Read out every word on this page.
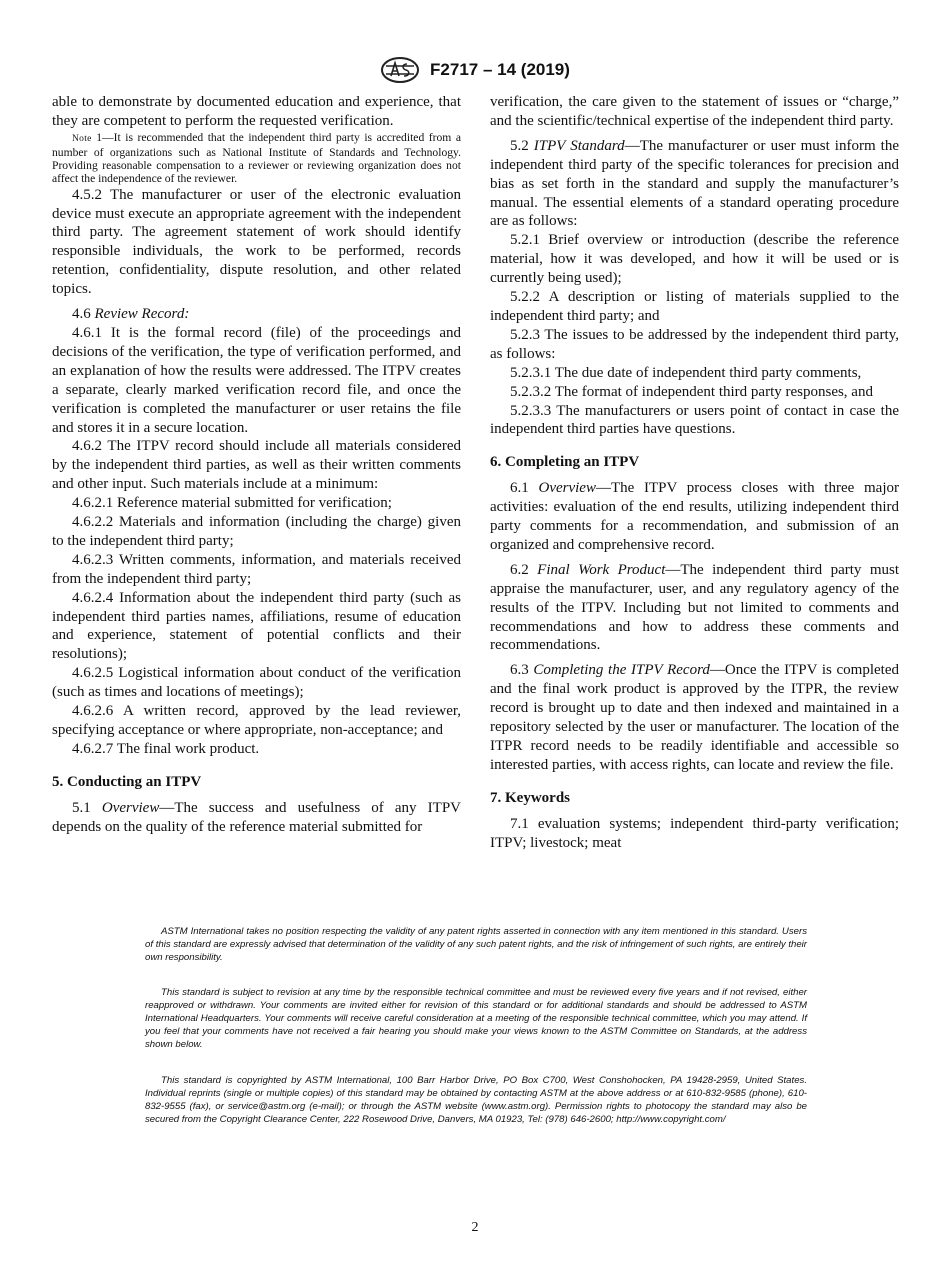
F2717 – 14 (2019)

able to demonstrate by documented education and experience, that they are competent to perform the requested verification.

Note 1—It is recommended that the independent third party is accredited from a number of organizations such as National Institute of Standards and Technology. Providing reasonable compensation to a reviewer or reviewing organization does not affect the independence of the reviewer.

4.5.2 The manufacturer or user of the electronic evaluation device must execute an appropriate agreement with the independent third party. The agreement statement of work should identify responsible individuals, the work to be performed, records retention, confidentiality, dispute resolution, and other related topics.

4.6 Review Record:

4.6.1 It is the formal record (file) of the proceedings and decisions of the verification, the type of verification performed, and an explanation of how the results were addressed. The ITPV creates a separate, clearly marked verification record file, and once the verification is completed the manufacturer or user retains the file and stores it in a secure location.

4.6.2 The ITPV record should include all materials considered by the independent third parties, as well as their written comments and other input. Such materials include at a minimum:

4.6.2.1 Reference material submitted for verification;

4.6.2.2 Materials and information (including the charge) given to the independent third party;

4.6.2.3 Written comments, information, and materials received from the independent third party;

4.6.2.4 Information about the independent third party (such as independent third parties names, affiliations, resume of education and experience, statement of potential conflicts and their resolutions);

4.6.2.5 Logistical information about conduct of the verification (such as times and locations of meetings);

4.6.2.6 A written record, approved by the lead reviewer, specifying acceptance or where appropriate, non-acceptance; and

4.6.2.7 The final work product.

5. Conducting an ITPV

5.1 Overview—The success and usefulness of any ITPV depends on the quality of the reference material submitted for

verification, the care given to the statement of issues or “charge,” and the scientific/technical expertise of the independent third party.

5.2 ITPV Standard—The manufacturer or user must inform the independent third party of the specific tolerances for precision and bias as set forth in the standard and supply the manufacturer’s manual. The essential elements of a standard operating procedure are as follows:

5.2.1 Brief overview or introduction (describe the reference material, how it was developed, and how it will be used or is currently being used);

5.2.2 A description or listing of materials supplied to the independent third party; and

5.2.3 The issues to be addressed by the independent third party, as follows:

5.2.3.1 The due date of independent third party comments,

5.2.3.2 The format of independent third party responses, and

5.2.3.3 The manufacturers or users point of contact in case the independent third parties have questions.

6. Completing an ITPV

6.1 Overview—The ITPV process closes with three major activities: evaluation of the end results, utilizing independent third party comments for a recommendation, and submission of an organized and comprehensive record.

6.2 Final Work Product—The independent third party must appraise the manufacturer, user, and any regulatory agency of the results of the ITPV. Including but not limited to comments and recommendations and how to address these comments and recommendations.

6.3 Completing the ITPV Record—Once the ITPV is completed and the final work product is approved by the ITPR, the review record is brought up to date and then indexed and maintained in a repository selected by the user or manufacturer. The location of the ITPR record needs to be readily identifiable and accessible so interested parties, with access rights, can locate and review the file.

7. Keywords

7.1 evaluation systems; independent third-party verification; ITPV; livestock; meat

ASTM International takes no position respecting the validity of any patent rights asserted in connection with any item mentioned in this standard. Users of this standard are expressly advised that determination of the validity of any such patent rights, and the risk of infringement of such rights, are entirely their own responsibility.

This standard is subject to revision at any time by the responsible technical committee and must be reviewed every five years and if not revised, either reapproved or withdrawn. Your comments are invited either for revision of this standard or for additional standards and should be addressed to ASTM International Headquarters. Your comments will receive careful consideration at a meeting of the responsible technical committee, which you may attend. If you feel that your comments have not received a fair hearing you should make your views known to the ASTM Committee on Standards, at the address shown below.

This standard is copyrighted by ASTM International, 100 Barr Harbor Drive, PO Box C700, West Conshohocken, PA 19428-2959, United States. Individual reprints (single or multiple copies) of this standard may be obtained by contacting ASTM at the above address or at 610-832-9585 (phone), 610-832-9555 (fax), or service@astm.org (e-mail); or through the ASTM website (www.astm.org). Permission rights to photocopy the standard may also be secured from the Copyright Clearance Center, 222 Rosewood Drive, Danvers, MA 01923, Tel: (978) 646-2600; http://www.copyright.com/

2
